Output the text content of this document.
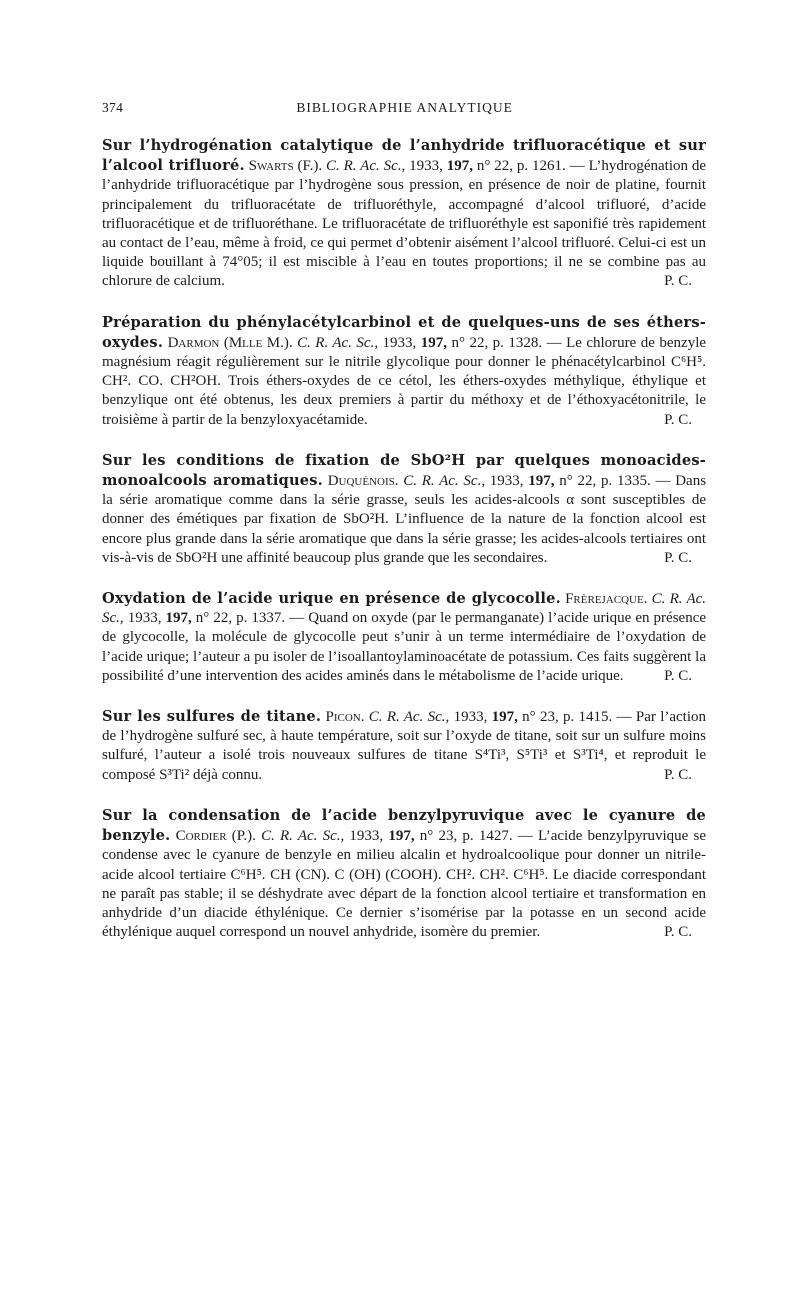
374	BIBLIOGRAPHIE ANALYTIQUE
Sur l’hydrogénation catalytique de l’anhydride trifluoracétique et sur l’alcool trifluoré. Swarts (F.). C. R. Ac. Sc., 1933, 197, n° 22, p. 1261. — L’hydrogénation de l’anhydride trifluoracétique par l’hydrogène sous pression, en présence de noir de platine, fournit principalement du trifluoracétate de trifluoréthyle, accompagné d’alcool trifluoré, d’acide trifluoracétique et de trifluoréthane. Le trifluoracétate de trifluoréthyle est saponifié très rapidement au contact de l’eau, même à froid, ce qui permet d’obtenir aisément l’alcool trifluoré. Celui-ci est un liquide bouillant à 74°05; il est miscible à l’eau en toutes proportions; il ne se combine pas au chlorure de calcium.	P. C.
Préparation du phénylacétylcarbinol et de quelques-uns de ses éthers-oxydes. Darmon (Mlle M.). C. R. Ac. Sc., 1933, 197, n° 22, p. 1328. — Le chlorure de benzyle magnésium réagit régulièrement sur le nitrile glycolique pour donner le phénacétylcarbinol C⁶H⁵. CH². CO. CH²OH. Trois éthers-oxydes de ce cétol, les éthers-oxydes méthylique, éthylique et benzylique ont été obtenus, les deux premiers à partir du méthoxy et de l’éthoxyacétonitrile, le troisième à partir de la benzyloxyacétamide.	P. C.
Sur les conditions de fixation de SbO²H par quelques monoacides-monoalcools aromatiques. Duquénois. C. R. Ac. Sc., 1933, 197, n° 22, p. 1335. — Dans la série aromatique comme dans la série grasse, seuls les acides-alcools α sont susceptibles de donner des émétiques par fixation de SbO²H. L’influence de la nature de la fonction alcool est encore plus grande dans la série aromatique que dans la série grasse; les acides-alcools tertiaires ont vis-à-vis de SbO²H une affinité beaucoup plus grande que les secondaires.	P. C.
Oxydation de l’acide urique en présence de glycocolle. Frèrejacque. C. R. Ac. Sc., 1933, 197, n° 22, p. 1337. — Quand on oxyde (par le permanganate) l’acide urique en présence de glycocolle, la molécule de glycocolle peut s’unir à un terme intermédiaire de l’oxydation de l’acide urique; l’auteur a pu isoler de l’isoallantoylaminoacétate de potassium. Ces faits suggèrent la possibilité d’une intervention des acides aminés dans le métabolisme de l’acide urique.	P. C.
Sur les sulfures de titane. Picon. C. R. Ac. Sc., 1933, 197, n° 23, p. 1415. — Par l’action de l’hydrogène sulfuré sec, à haute température, soit sur l’oxyde de titane, soit sur un sulfure moins sulfuré, l’auteur a isolé trois nouveaux sulfures de titane S⁴Ti³, S⁵Ti³ et S³Ti⁴, et reproduit le composé S³Ti² déjà connu.	P. C.
Sur la condensation de l’acide benzylpyruvique avec le cyanure de benzyle. Cordier (P.). C. R. Ac. Sc., 1933, 197, n° 23, p. 1427. — L’acide benzylpyruvique se condense avec le cyanure de benzyle en milieu alcalin et hydroalcoolique pour donner un nitrile-acide alcool tertiaire C⁶H⁵. CH (CN). C (OH) (COOH). CH². CH². C⁶H⁵. Le diacide correspondant ne paraît pas stable; il se déshydrate avec départ de la fonction alcool tertiaire et transformation en anhydride d’un diacide éthylénique. Ce dernier s’isomérise par la potasse en un second acide éthylénique auquel correspond un nouvel anhydride, isomère du premier.	P. C.
